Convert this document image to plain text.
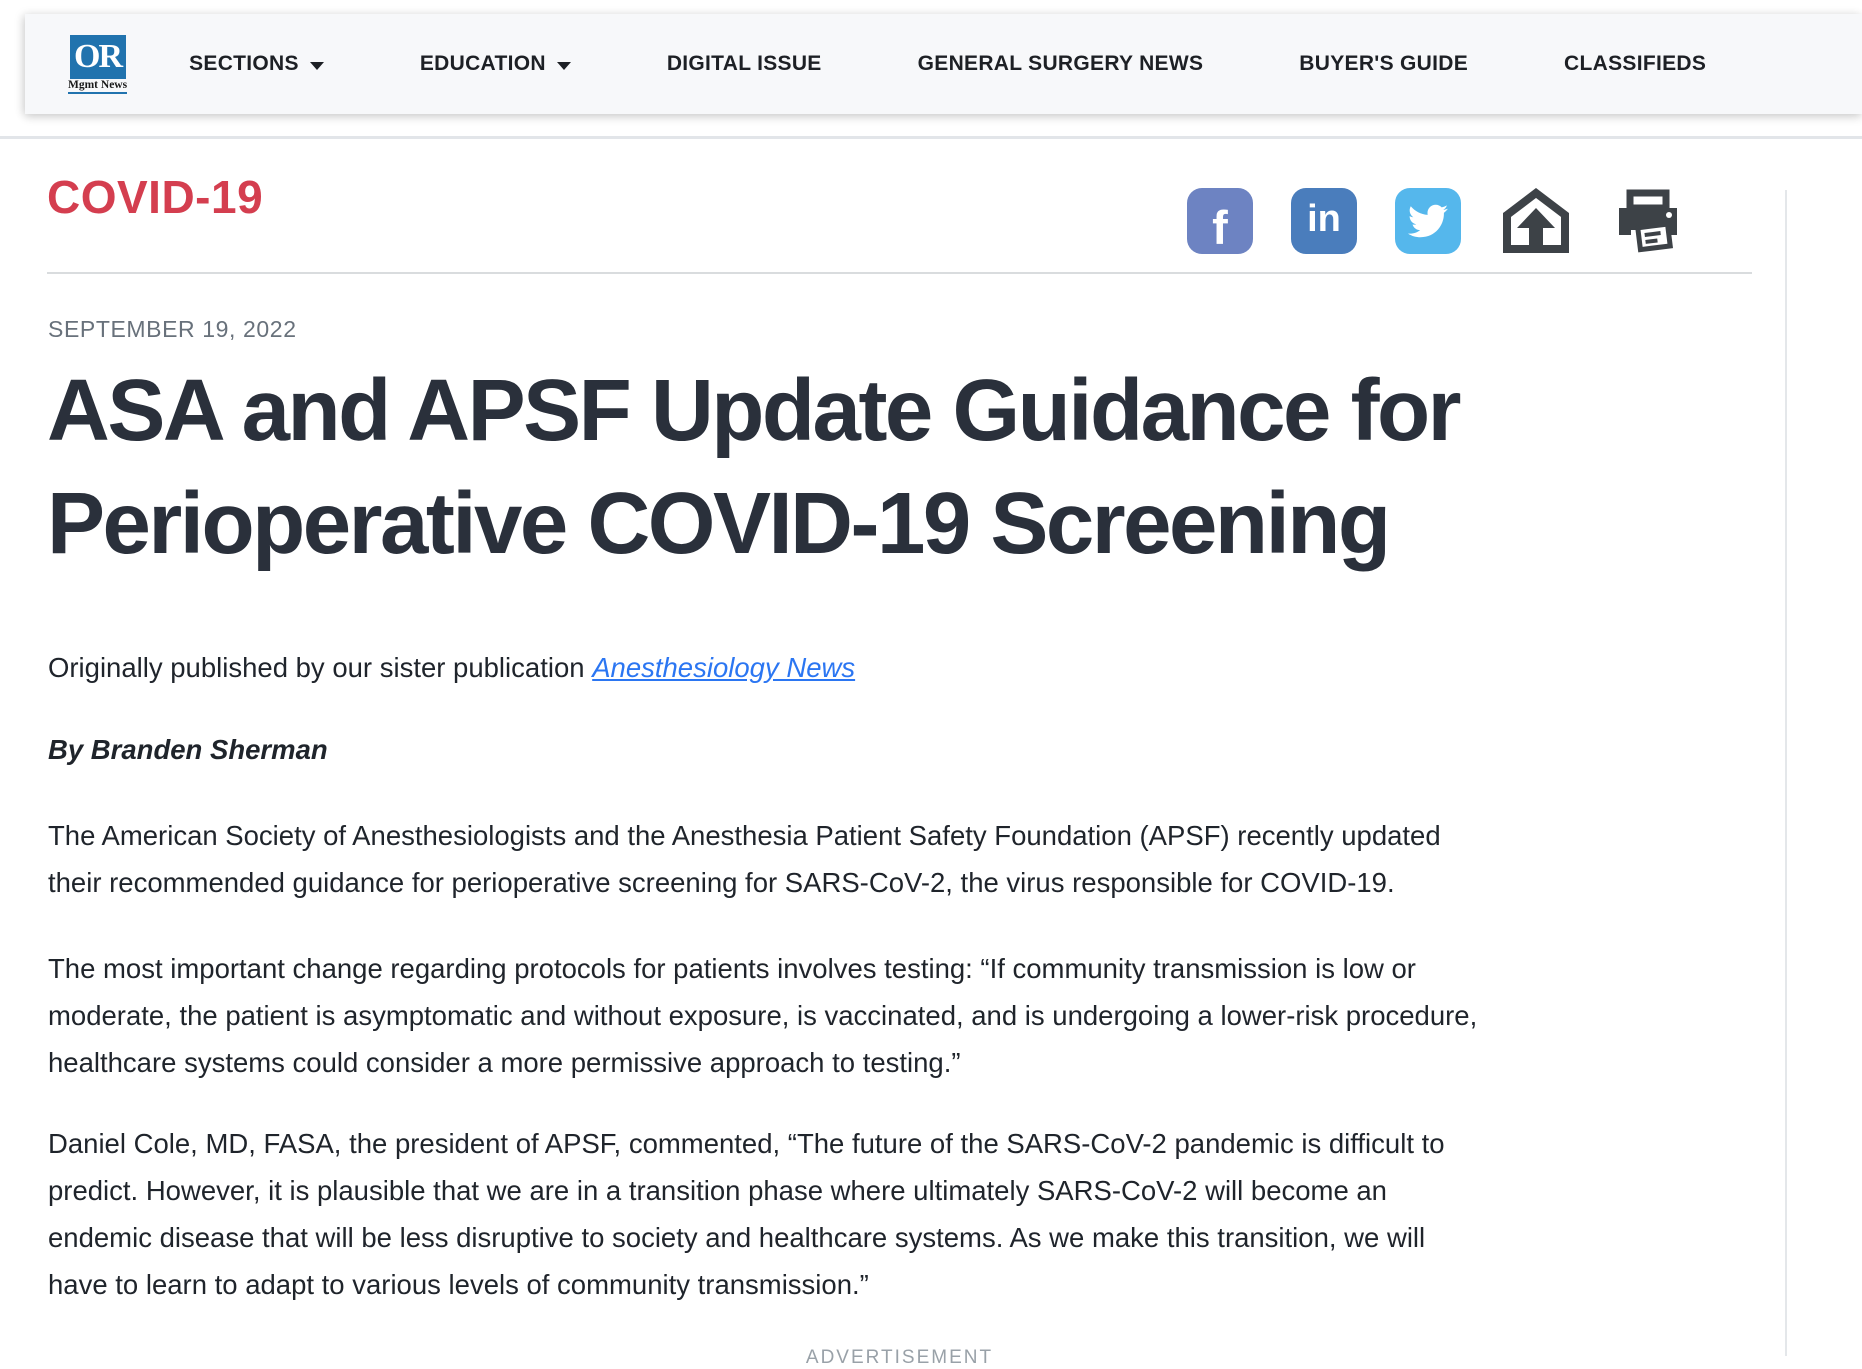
OR
Mgmt News
SECTIONS	EDUCATION	DIGITAL ISSUE	GENERAL SURGERY NEWS	BUYER'S GUIDE	CLASSIFIEDS
COVID-19
f in
SEPTEMBER 19, 2022
ASA and APSF Update Guidance for
Perioperative COVID-19 Screening
Originally published by our sister publication Anesthesiology News
By Branden Sherman

The American Society of Anesthesiologists and the Anesthesia Patient Safety Foundation (APSF) recently updated their recommended guidance for perioperative screening for SARS-CoV-2, the virus responsible for COVID-19.

The most important change regarding protocols for patients involves testing: “If community transmission is low or moderate, the patient is asymptomatic and without exposure, is vaccinated, and is undergoing a lower-risk procedure, healthcare systems could consider a more permissive approach to testing.”

Daniel Cole, MD, FASA, the president of APSF, commented, “The future of the SARS-CoV-2 pandemic is difficult to predict. However, it is plausible that we are in a transition phase where ultimately SARS-CoV-2 will become an endemic disease that will be less disruptive to society and healthcare systems. As we make this transition, we will have to learn to adapt to various levels of community transmission.”

ADVERTISEMENT
